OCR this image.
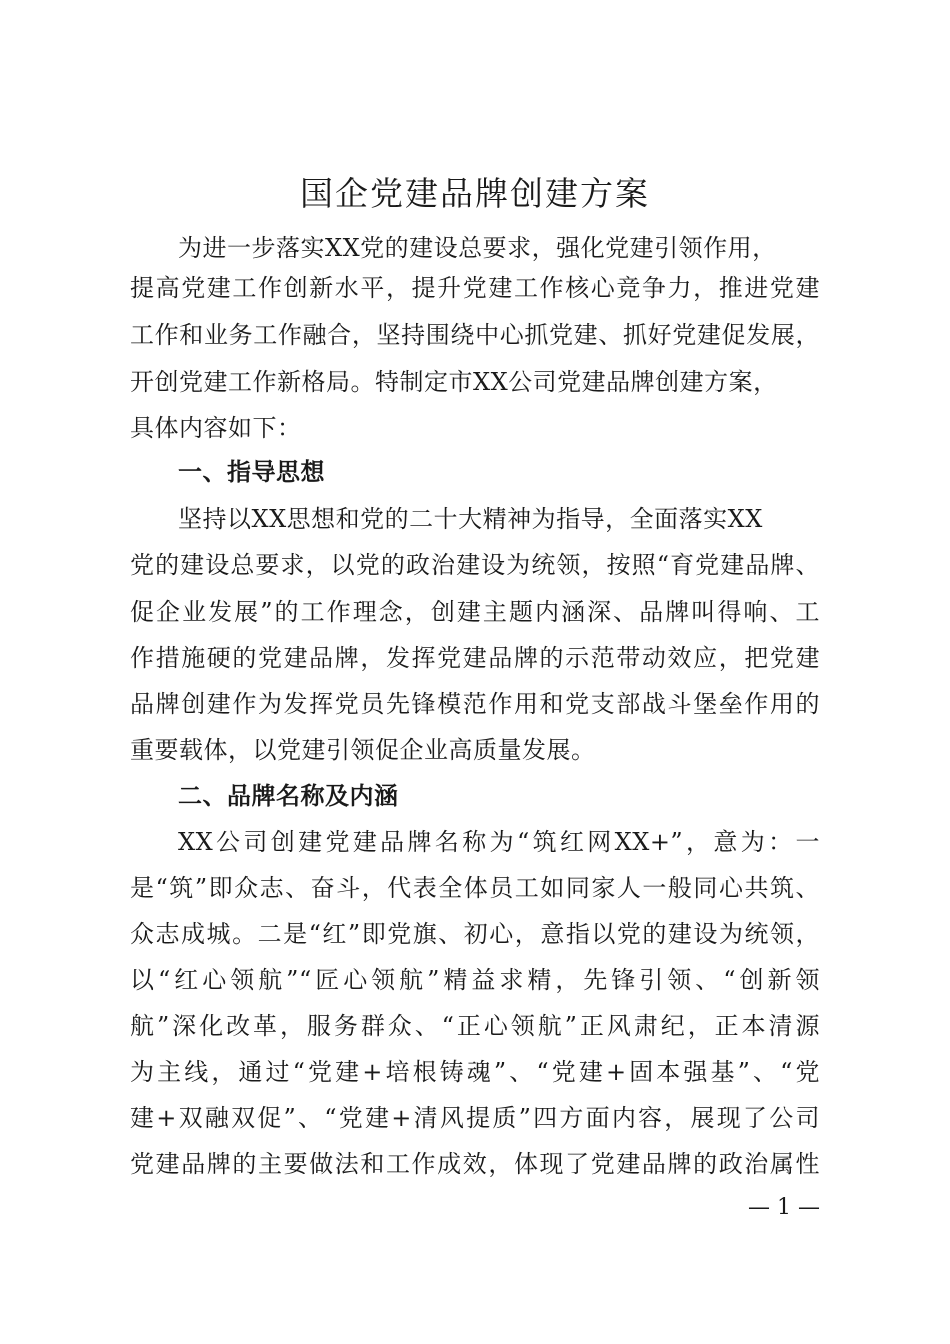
国企党建品牌创建方案
为进一步落实XX党的建设总要求，强化党建引领作用，
提高党建工作创新水平，提升党建工作核心竞争力，推进党建
工作和业务工作融合，坚持围绕中心抓党建、抓好党建促发展，
开创党建工作新格局。特制定市XX公司党建品牌创建方案，
具体内容如下：
一、指导思想
坚持以XX思想和党的二十大精神为指导，全面落实XX
党的建设总要求，以党的政治建设为统领，按照“育党建品牌、
促企业发展”的工作理念，创建主题内涵深、品牌叫得响、工
作措施硬的党建品牌，发挥党建品牌的示范带动效应，把党建
品牌创建作为发挥党员先锋模范作用和党支部战斗堡垒作用的
重要载体，以党建引领促企业高质量发展。
二、品牌名称及内涵
XX公司创建党建品牌名称为“筑红网XX+”，意为：一
是“筑”即众志、奋斗，代表全体员工如同家人一般同心共筑、
众志成城。二是“红”即党旗、初心，意指以党的建设为统领，
以“红心领航”“匠心领航”精益求精，先锋引领、“创新领
航”深化改革，服务群众、“正心领航”正风肃纪，正本清源
为主线，通过“党建+培根铸魂”、“党建+固本强基”、“党
建+双融双促”、“党建+清风提质”四方面内容，展现了公司
党建品牌的主要做法和工作成效，体现了党建品牌的政治属性
— 1 —
